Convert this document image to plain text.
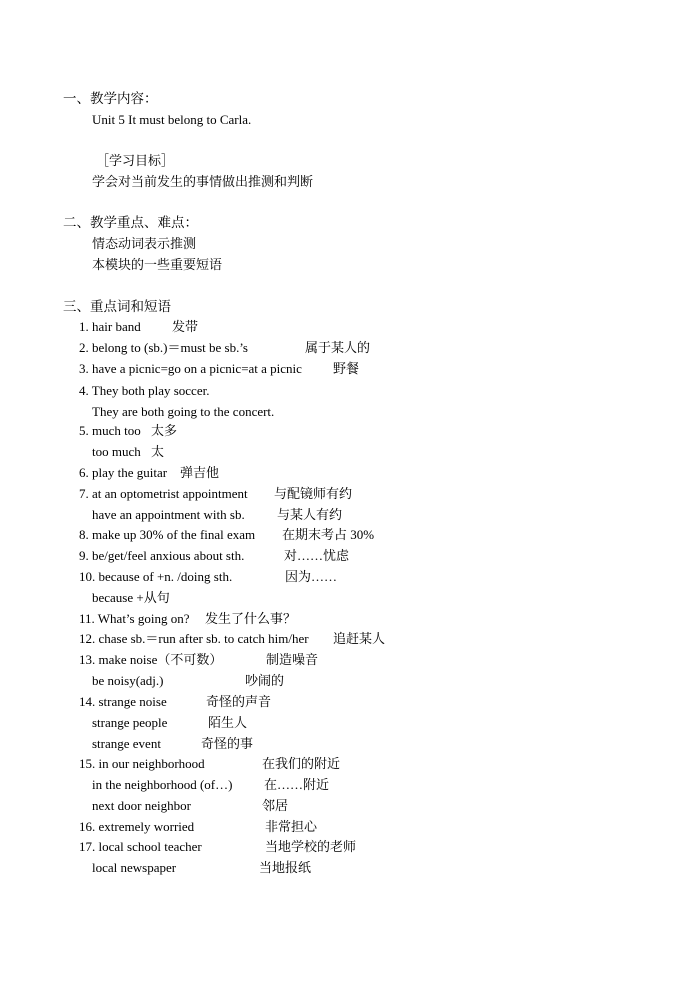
一、教学内容：
Unit 5 It must belong to Carla.
［学习目标］
学会对当前发生的事情做出推测和判断
二、教学重点、难点：
情态动词表示推测
本模块的一些重要短语
三、重点词和短语
1. hair band 发带
2. belong to (sb.)＝must be sb.’s	属于某人的
3. have a picnic=go on a picnic=at a picnic 野餐
4. They both play soccer.
They are both going to the concert.
5. much too 太多
too much 太
6. play the guitar 弹吉他
7. at an optometrist appointment 与配镜师有约
have an appointment with sb. 与某人有约
8. make up 30% of the final exam 在期末考占 30%
9. be/get/feel anxious about sth.	对……忧虑
10. because of +n. /doing sth.	因为……
because +从句
11. What’s going on? 发生了什么事？
12. chase sb.＝run after sb. to catch him/her 追赶某人
13. make noise（不可数）	制造噪音
be noisy(adj.)	吵闹的
14. strange noise	奇怪的声音
strange people	陌生人
strange event	奇怪的事
15. in our neighborhood	在我们的附近
in the neighborhood (of…) 在……附近
next door neighbor	邻居
16. extremely worried	非常担心
17. local school teacher	当地学校的老师
local newspaper	当地报纸
